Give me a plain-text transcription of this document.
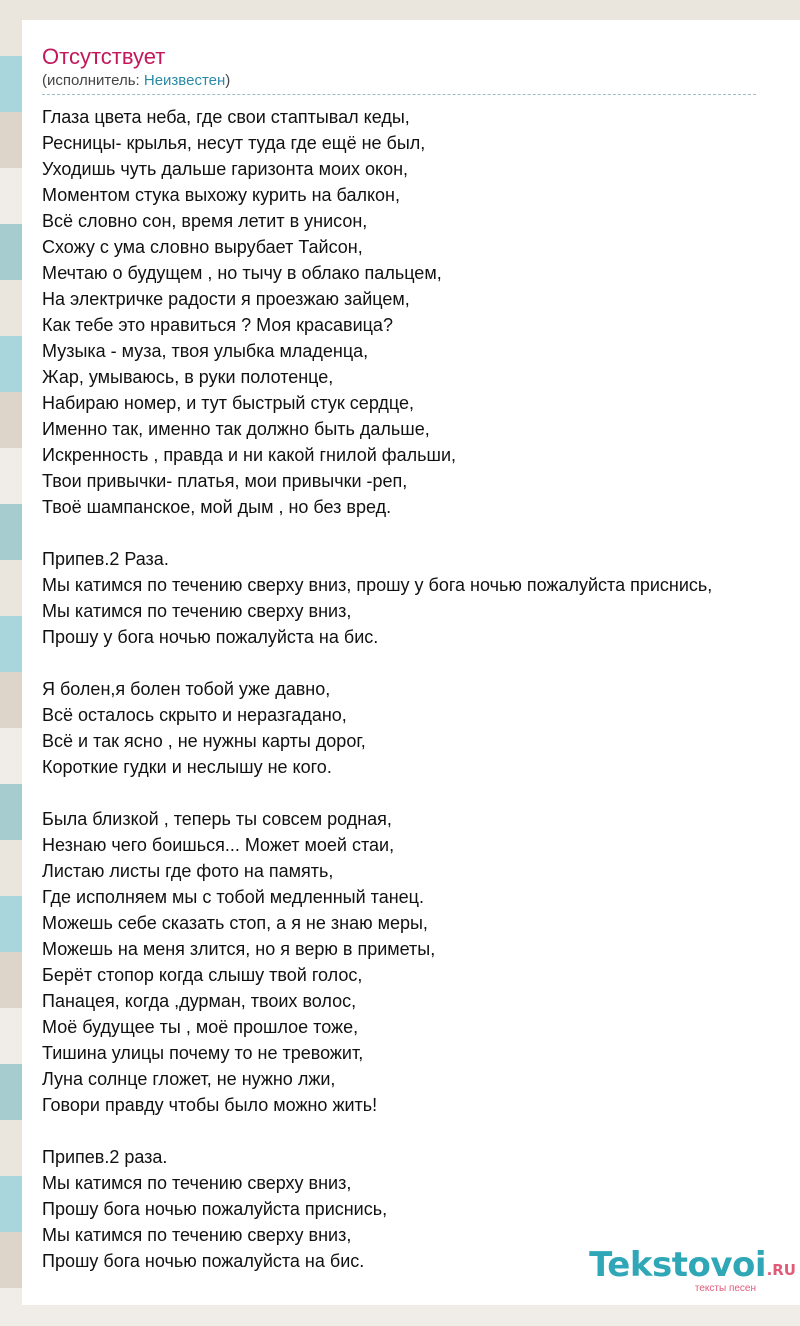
Отсутствует
(исполнитель: Неизвестен)
Глаза цвета неба, где свои стаптывал кеды,
Ресницы- крылья, несут туда где ещё не был,
Уходишь чуть дальше гаризонта моих окон,
Моментом стука выхожу курить на балкон,
Всё словно сон, время летит в унисон,
Схожу с ума словно вырубает Тайсон,
Мечтаю о будущем , но тычу в облако пальцем,
На электричке радости я проезжаю зайцем,
Как тебе это нравиться ? Моя красавица?
Музыка - муза, твоя улыбка младенца,
Жар, умываюсь, в руки полотенце,
Набираю номер, и тут быстрый стук сердце,
Именно так, именно так должно быть дальше,
Искренность , правда и ни какой гнилой фальши,
Твои привычки- платья, мои привычки -реп,
Твоё шампанское, мой дым , но без вред.
Припев.2 Раза.
Мы катимся по течению сверху вниз, прошу у бога ночью пожалуйста приснись,
Мы катимся по течению сверху вниз,
Прошу у бога ночью пожалуйста на бис.
Я болен,я болен тобой уже давно,
Всё осталось скрыто и неразгадано,
Всё и так ясно , не нужны карты дорог,
Короткие гудки и неслышу не кого.
Была близкой , теперь ты совсем родная,
Незнаю чего боишься... Может моей стаи,
Листаю листы где фото на память,
Где исполняем мы с тобой медленный танец.
Можешь себе сказать стоп, а я не знаю меры,
Можешь на меня злится, но я верю в приметы,
Берёт стопор когда слышу твой голос,
Панацея, когда ,дурман, твоих волос,
Моё будущее ты , моё прошлое тоже,
Тишина улицы почему то не тревожит,
Луна солнце гложет, не нужно лжи,
Говори правду чтобы было можно жить!
Припев.2 раза.
Мы катимся по течению сверху вниз,
Прошу бога ночью пожалуйста приснись,
Мы катимся по течению сверху вниз,
Прошу бога ночью пожалуйста на бис.	Tekstovoi .RU
тексты песен
